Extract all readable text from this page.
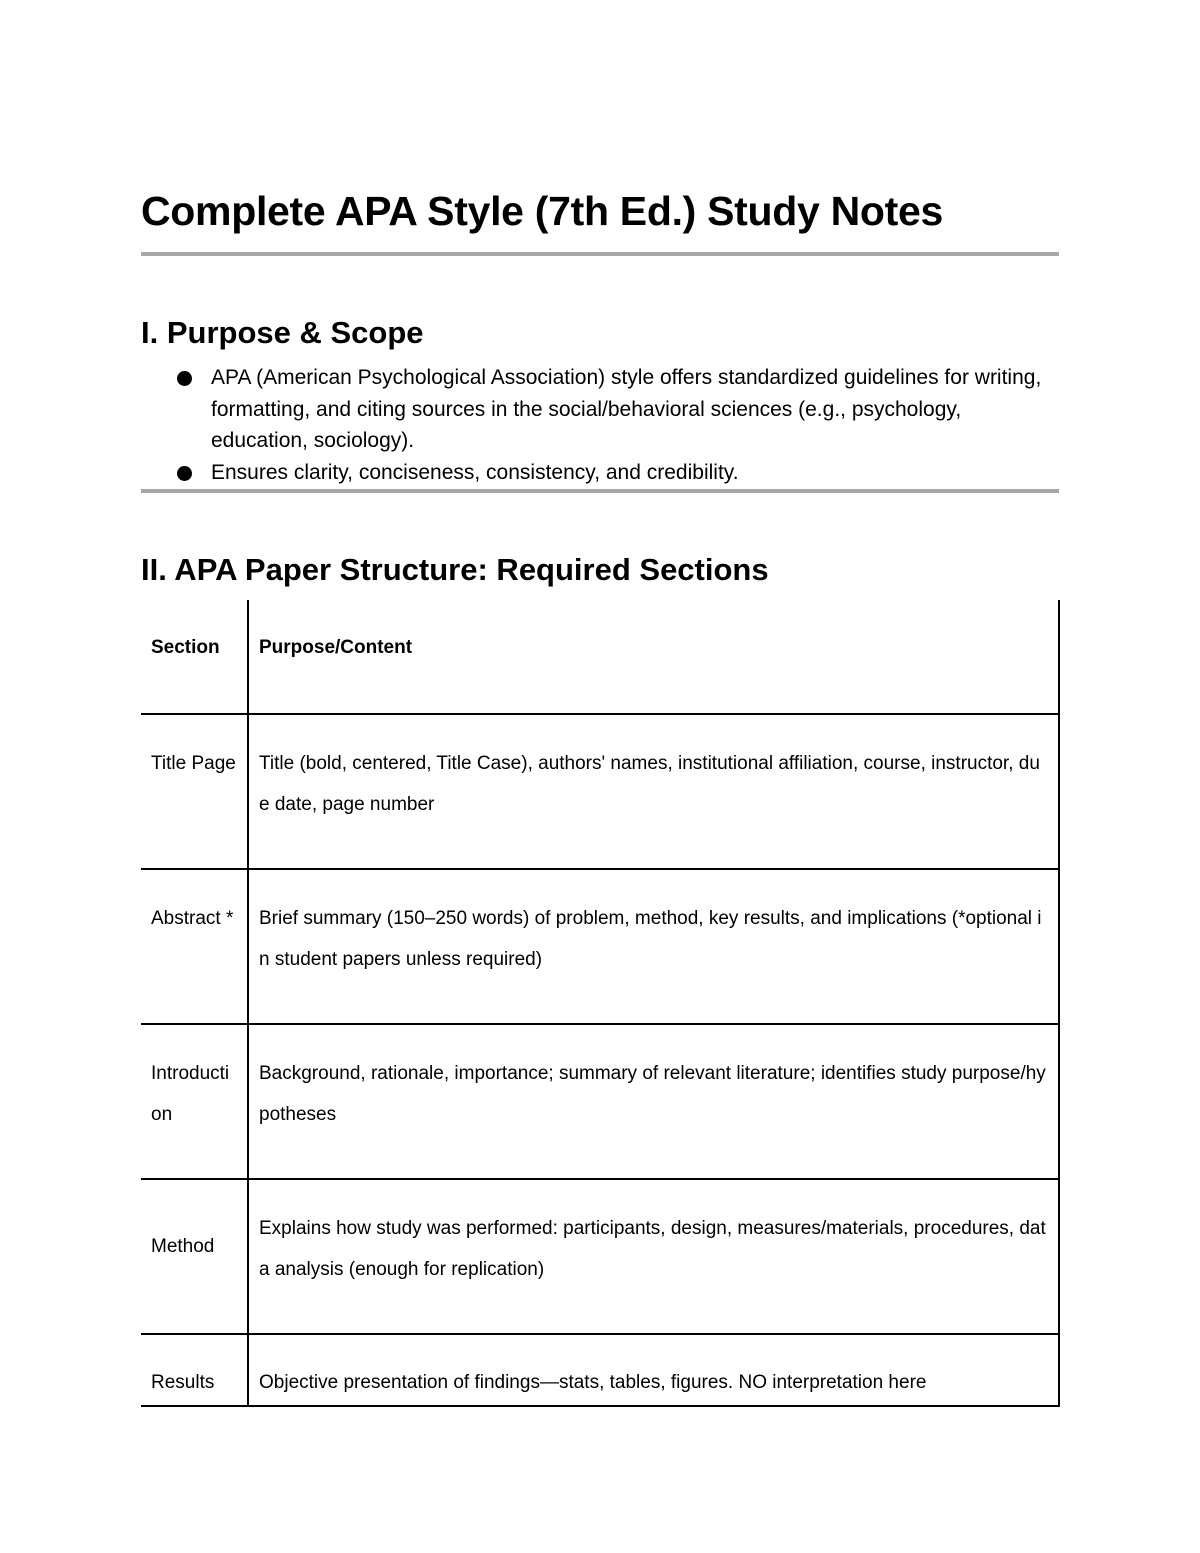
Complete APA Style (7th Ed.) Study Notes
I. Purpose & Scope
APA (American Psychological Association) style offers standardized guidelines for writing, formatting, and citing sources in the social/behavioral sciences (e.g., psychology, education, sociology).
Ensures clarity, conciseness, consistency, and credibility.
II. APA Paper Structure: Required Sections
Section	Purpose/Content
Title Page	Title (bold, centered, Title Case), authors' names, institutional affiliation, course, instructor, due date, page number
Abstract *	Brief summary (150–250 words) of problem, method, key results, and implications (*optional in student papers unless required)
Introduction	Background, rationale, importance; summary of relevant literature; identifies study purpose/hypotheses
Method	Explains how study was performed: participants, design, measures/materials, procedures, data analysis (enough for replication)
Results	Objective presentation of findings—stats, tables, figures. NO interpretation here
